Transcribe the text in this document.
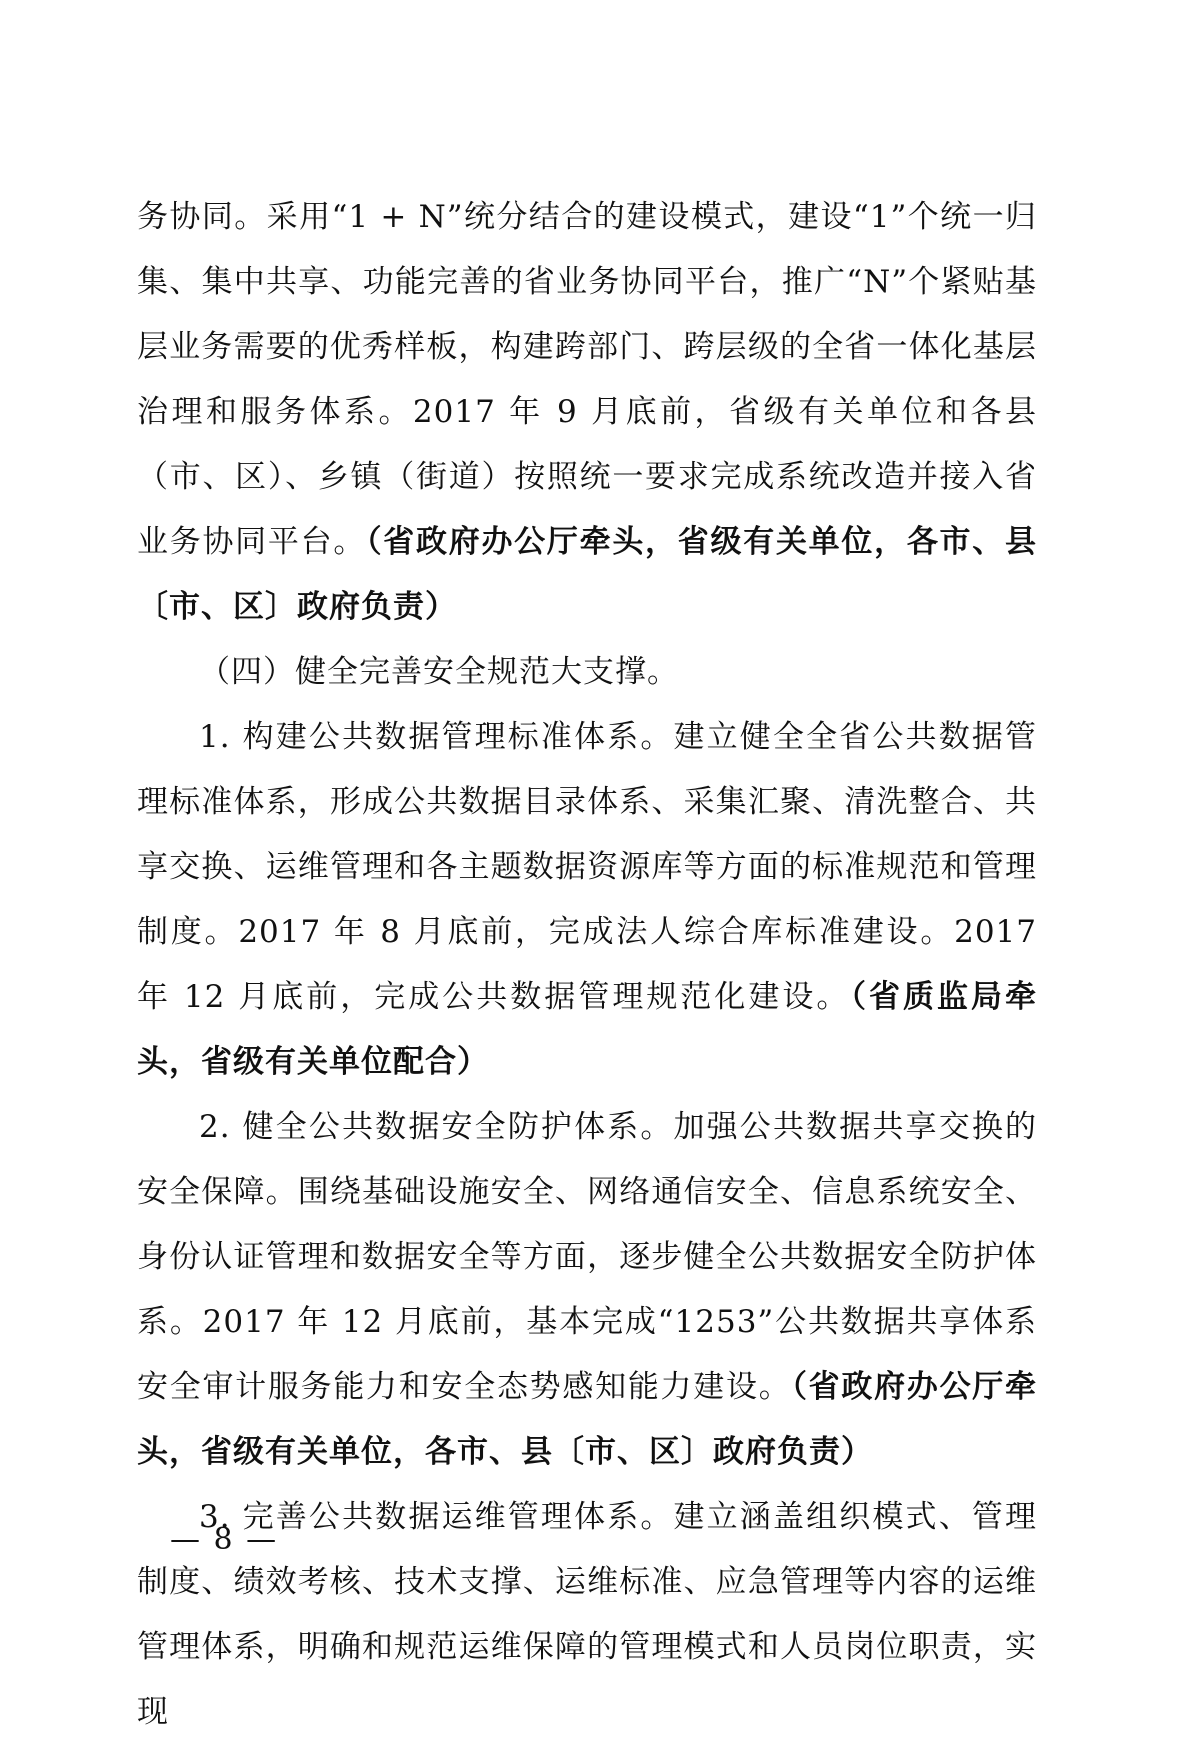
务协同。采用“1 + N”统分结合的建设模式，建设“1”个统一归集、集中共享、功能完善的省业务协同平台，推广“N”个紧贴基层业务需要的优秀样板，构建跨部门、跨层级的全省一体化基层治理和服务体系。2017 年 9 月底前，省级有关单位和各县（市、区）、乡镇（街道）按照统一要求完成系统改造并接入省业务协同平台。（省政府办公厅牵头，省级有关单位，各市、县〔市、区〕政府负责）

（四）健全完善安全规范大支撑。

1. 构建公共数据管理标准体系。建立健全全省公共数据管理标准体系，形成公共数据目录体系、采集汇聚、清洗整合、共享交换、运维管理和各主题数据资源库等方面的标准规范和管理制度。2017 年 8 月底前，完成法人综合库标准建设。2017 年 12 月底前，完成公共数据管理规范化建设。（省质监局牵头，省级有关单位配合）

2. 健全公共数据安全防护体系。加强公共数据共享交换的安全保障。围绕基础设施安全、网络通信安全、信息系统安全、身份认证管理和数据安全等方面，逐步健全公共数据安全防护体系。2017 年 12 月底前，基本完成“1253”公共数据共享体系安全审计服务能力和安全态势感知能力建设。（省政府办公厅牵头，省级有关单位，各市、县〔市、区〕政府负责）

3. 完善公共数据运维管理体系。建立涵盖组织模式、管理制度、绩效考核、技术支撑、运维标准、应急管理等内容的运维管理体系，明确和规范运维保障的管理模式和人员岗位职责，实现

— 8 —
